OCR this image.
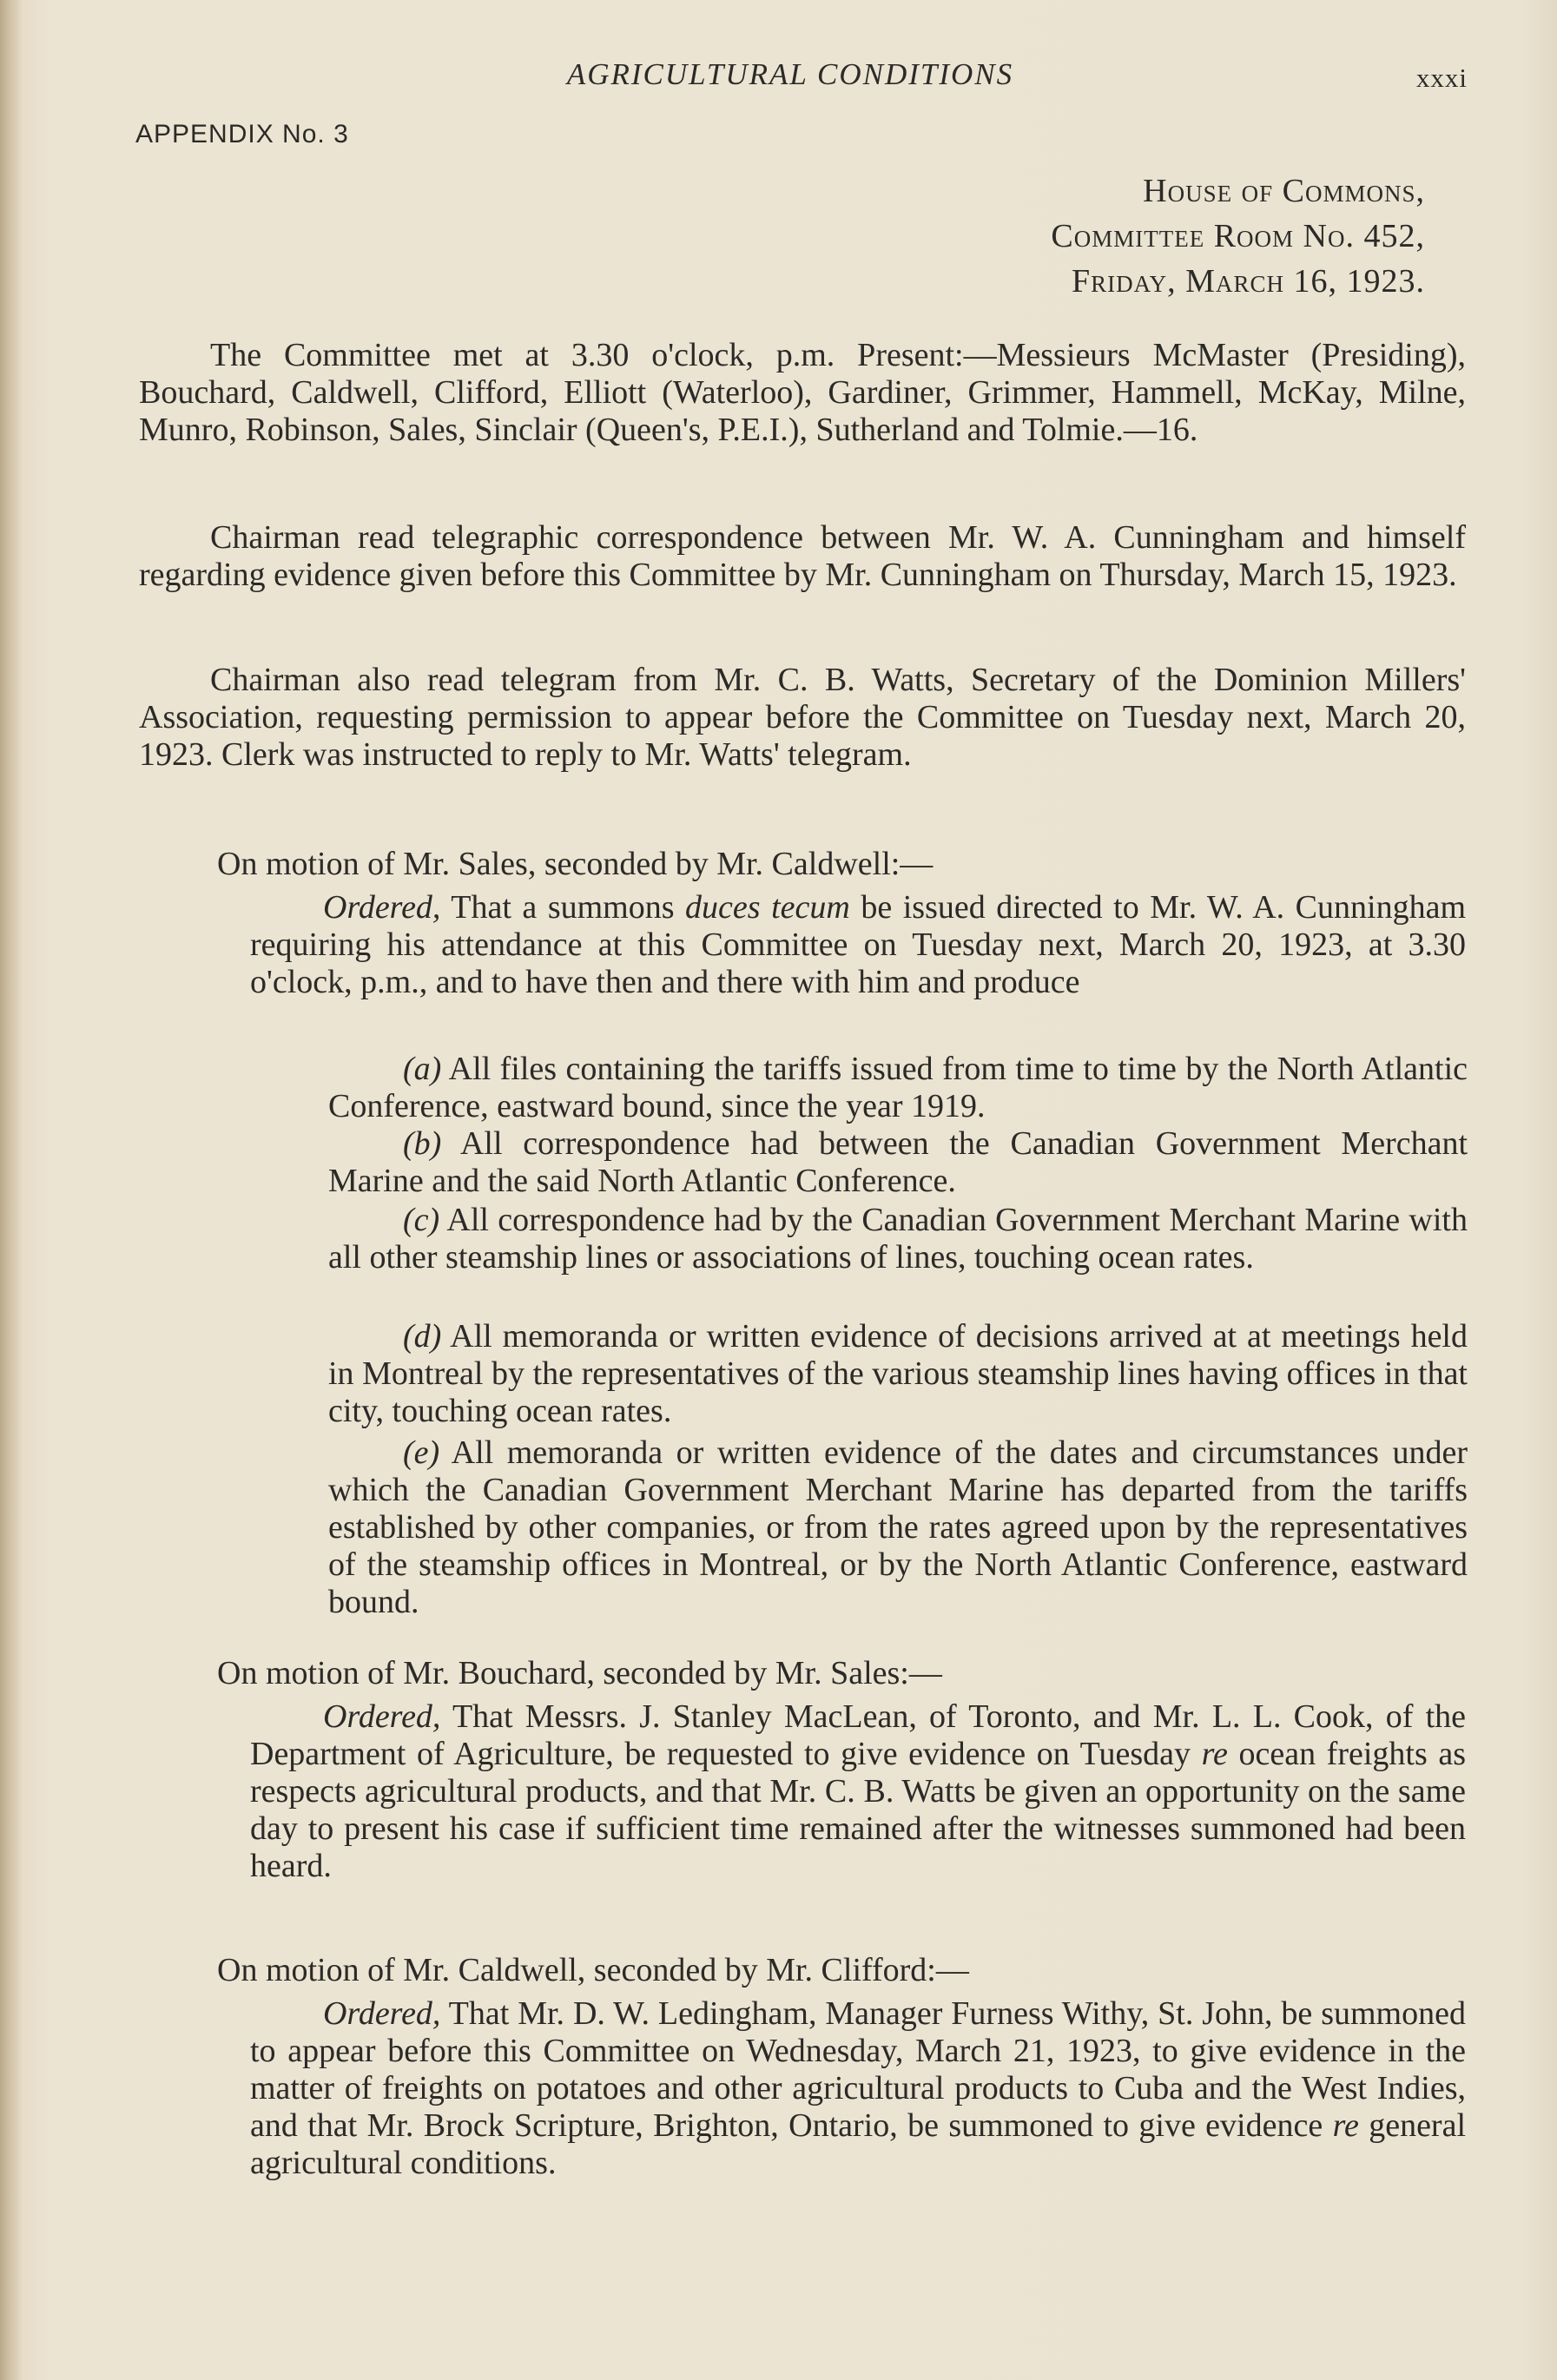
AGRICULTURAL CONDITIONS	xxxi
APPENDIX No. 3
House of Commons,
Committee Room No. 452,
Friday, March 16, 1923.
The Committee met at 3.30 o'clock, p.m. Present:—Messieurs McMaster (Presiding), Bouchard, Caldwell, Clifford, Elliott (Waterloo), Gardiner, Grimmer, Hammell, McKay, Milne, Munro, Robinson, Sales, Sinclair (Queen's, P.E.I.), Sutherland and Tolmie.—16.
Chairman read telegraphic correspondence between Mr. W. A. Cunningham and himself regarding evidence given before this Committee by Mr. Cunningham on Thursday, March 15, 1923.
Chairman also read telegram from Mr. C. B. Watts, Secretary of the Dominion Millers' Association, requesting permission to appear before the Committee on Tuesday next, March 20, 1923. Clerk was instructed to reply to Mr. Watts' telegram.
On motion of Mr. Sales, seconded by Mr. Caldwell:—
Ordered, That a summons duces tecum be issued directed to Mr. W. A. Cunningham requiring his attendance at this Committee on Tuesday next, March 20, 1923, at 3.30 o'clock, p.m., and to have then and there with him and produce
(a) All files containing the tariffs issued from time to time by the North Atlantic Conference, eastward bound, since the year 1919.
(b) All correspondence had between the Canadian Government Merchant Marine and the said North Atlantic Conference.
(c) All correspondence had by the Canadian Government Merchant Marine with all other steamship lines or associations of lines, touching ocean rates.
(d) All memoranda or written evidence of decisions arrived at at meetings held in Montreal by the representatives of the various steamship lines having offices in that city, touching ocean rates.
(e) All memoranda or written evidence of the dates and circumstances under which the Canadian Government Merchant Marine has departed from the tariffs established by other companies, or from the rates agreed upon by the representatives of the steamship offices in Montreal, or by the North Atlantic Conference, eastward bound.
On motion of Mr. Bouchard, seconded by Mr. Sales:—
Ordered, That Messrs. J. Stanley MacLean, of Toronto, and Mr. L. L. Cook, of the Department of Agriculture, be requested to give evidence on Tuesday re ocean freights as respects agricultural products, and that Mr. C. B. Watts be given an opportunity on the same day to present his case if sufficient time remained after the witnesses summoned had been heard.
On motion of Mr. Caldwell, seconded by Mr. Clifford:—
Ordered, That Mr. D. W. Ledingham, Manager Furness Withy, St. John, be summoned to appear before this Committee on Wednesday, March 21, 1923, to give evidence in the matter of freights on potatoes and other agricultural products to Cuba and the West Indies, and that Mr. Brock Scripture, Brighton, Ontario, be summoned to give evidence re general agricultural conditions.
